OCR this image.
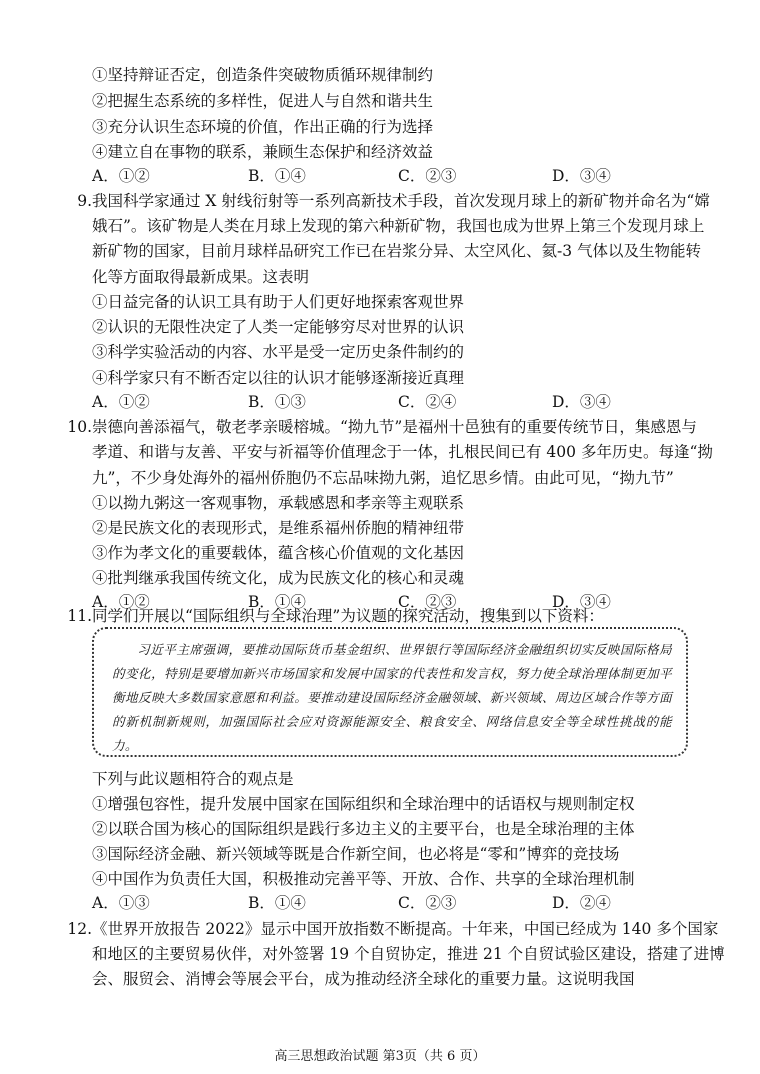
①坚持辩证否定，创造条件突破物质循环规律制约
②把握生态系统的多样性，促进人与自然和谐共生
③充分认识生态环境的价值，作出正确的行为选择
④建立自在事物的联系，兼顾生态保护和经济效益
A．①②	B．①④	C．②③	D．③④
9. 我国科学家通过 X 射线衍射等一系列高新技术手段，首次发现月球上的新矿物并命名为“嫦
娥石”。该矿物是人类在月球上发现的第六种新矿物，我国也成为世界上第三个发现月球上
新矿物的国家，目前月球样品研究工作已在岩浆分异、太空风化、氦-3 气体以及生物能转
化等方面取得最新成果。这表明
①日益完备的认识工具有助于人们更好地探索客观世界
②认识的无限性决定了人类一定能够穷尽对世界的认识
③科学实验活动的内容、水平是受一定历史条件制约的
④科学家只有不断否定以往的认识才能够逐渐接近真理
A．①②	B．①③	C．②④	D．③④
10. 崇德向善添福气，敬老孝亲暖榕城。“拗九节”是福州十邑独有的重要传统节日，集感恩与
孝道、和谐与友善、平安与祈福等价值理念于一体，扎根民间已有 400 多年历史。每逢“拗
九”，不少身处海外的福州侨胞仍不忘品味拗九粥，追忆思乡情。由此可见，“拗九节”
①以拗九粥这一客观事物，承载感恩和孝亲等主观联系
②是民族文化的表现形式，是维系福州侨胞的精神纽带
③作为孝文化的重要载体，蕴含核心价值观的文化基因
④批判继承我国传统文化，成为民族文化的核心和灵魂
A．①②	B．①④	C．②③	D．③④
11. 同学们开展以“国际组织与全球治理”为议题的探究活动，搜集到以下资料：

习近平主席强调，要推动国际货币基金组织、世界银行等国际经济金融组织切实反映国际格局的变化，特别是要增加新兴市场国家和发展中国家的代表性和发言权，努力使全球治理体制更加平衡地反映大多数国家意愿和利益。要推动建设国际经济金融领域、新兴领域、周边区域合作等方面的新机制新规则，加强国际社会应对资源能源安全、粮食安全、网络信息安全等全球性挑战的能力。

下列与此议题相符合的观点是
①增强包容性，提升发展中国家在国际组织和全球治理中的话语权与规则制定权
②以联合国为核心的国际组织是践行多边主义的主要平台，也是全球治理的主体
③国际经济金融、新兴领域等既是合作新空间，也必将是“零和”博弈的竞技场
④中国作为负责任大国，积极推动完善平等、开放、合作、共享的全球治理机制
A．①③	B．①④	C．②③	D．②④
12. 《世界开放报告 2022》显示中国开放指数不断提高。十年来，中国已经成为 140 多个国家
和地区的主要贸易伙伴，对外签署 19 个自贸协定，推进 21 个自贸试验区建设，搭建了进博
会、服贸会、消博会等展会平台，成为推动经济全球化的重要力量。这说明我国
高三思想政治试题 第3页（共 6 页）
